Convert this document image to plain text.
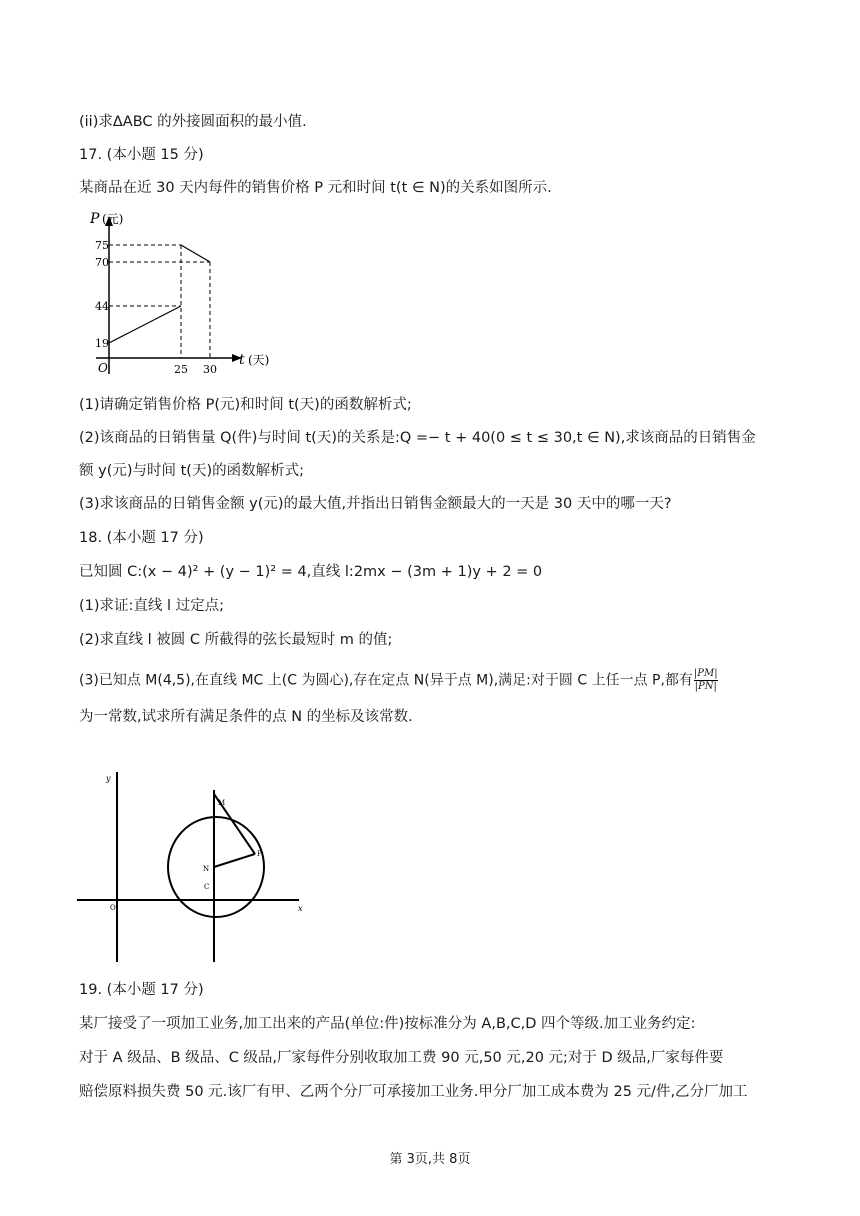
(ii)求ΔABC 的外接圆面积的最小值.
17. (本小题 15 分)
某商品在近 30 天内每件的销售价格 P 元和时间 t(t ∈ N)的关系如图所示.
P (元)
75
70
44
19
O	25 30
t (天)
(1)请确定销售价格 P(元)和时间 t(天)的函数解析式;
(2)该商品的日销售量 Q(件)与时间 t(天)的关系是:Q =− t + 40(0 ≤ t ≤ 30,t ∈ N),求该商品的日销售金
额 y(元)与时间 t(天)的函数解析式;
(3)求该商品的日销售金额 y(元)的最大值,并指出日销售金额最大的一天是 30 天中的哪一天?
18. (本小题 17 分)
已知圆 C:(x − 4)² + (y − 1)² = 4,直线 l:2mx − (3m + 1)y + 2 = 0
(1)求证:直线 l 过定点;
(2)求直线 l 被圆 C 所截得的弦长最短时 m 的值;
(3)已知点 M(4,5),在直线 MC 上(C 为圆心),存在定点 N(异于点 M),满足:对于圆 C 上任一点 P,都有 $\frac{|PM|}{|PN|}$
为一常数,试求所有满足条件的点 N 的坐标及该常数.
y
x
O
M
N
C
P
19. (本小题 17 分)
某厂接受了一项加工业务,加工出来的产品(单位:件)按标准分为 A,B,C,D 四个等级.加工业务约定:
对于 A 级品、B 级品、C 级品,厂家每件分别收取加工费 90 元,50 元,20 元;对于 D 级品,厂家每件要
赔偿原料损失费 50 元.该厂有甲、乙两个分厂可承接加工业务.甲分厂加工成本费为 25 元/件,乙分厂加工
第 3页,共 8页
